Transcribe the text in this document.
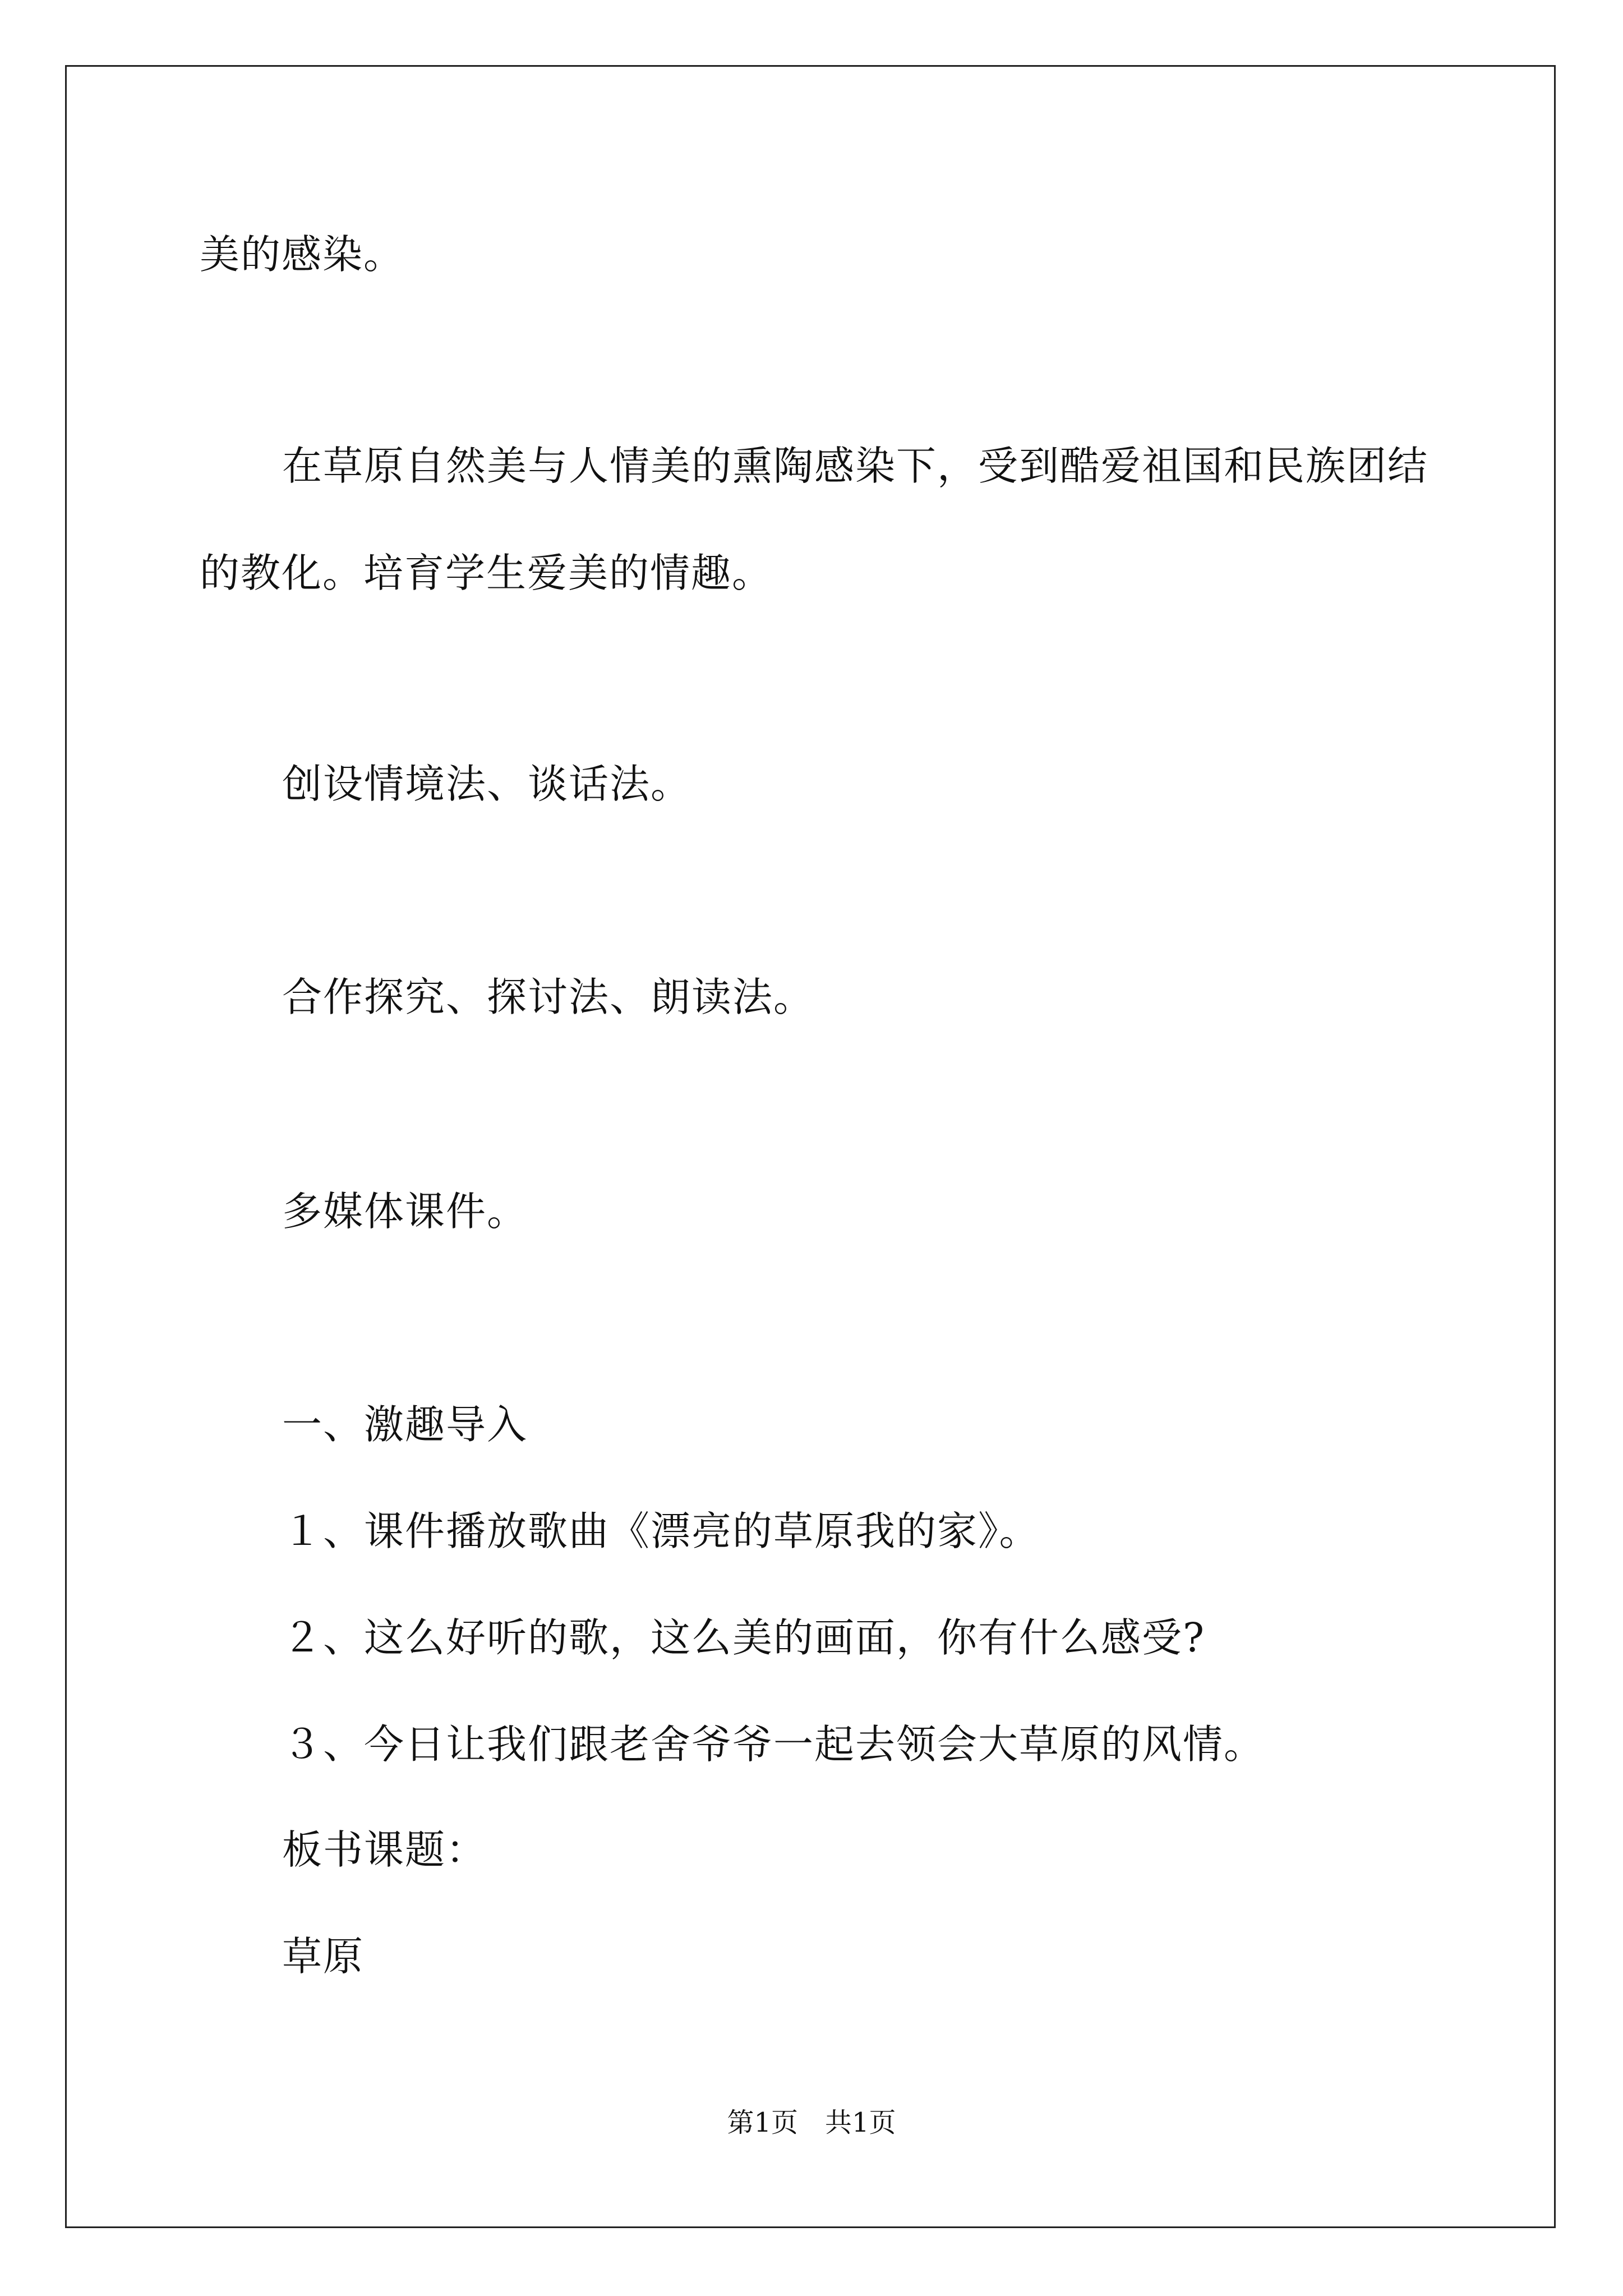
美的感染。

在草原自然美与人情美的熏陶感染下，受到酷爱祖国和民族团结

的教化。培育学生爱美的情趣。

创设情境法、谈话法。

合作探究、探讨法、朗读法。

多媒体课件。

一、激趣导入

１、课件播放歌曲《漂亮的草原我的家》。

２、这么好听的歌，这么美的画面，你有什么感受?

３、今日让我们跟老舍爷爷一起去领会大草原的风情。

板书课题：

草原

第1页　共1页
